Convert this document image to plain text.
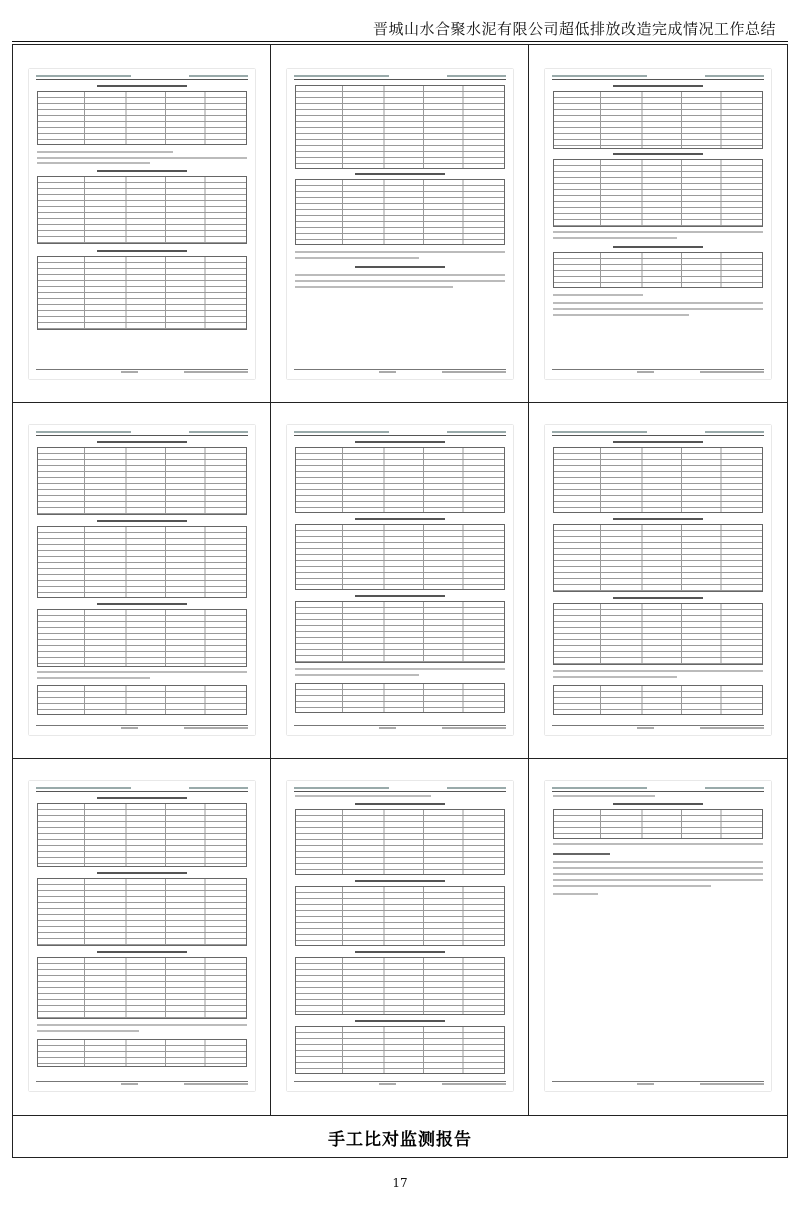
晋城山水合聚水泥有限公司超低排放改造完成情况工作总结
手工比对监测报告
17
